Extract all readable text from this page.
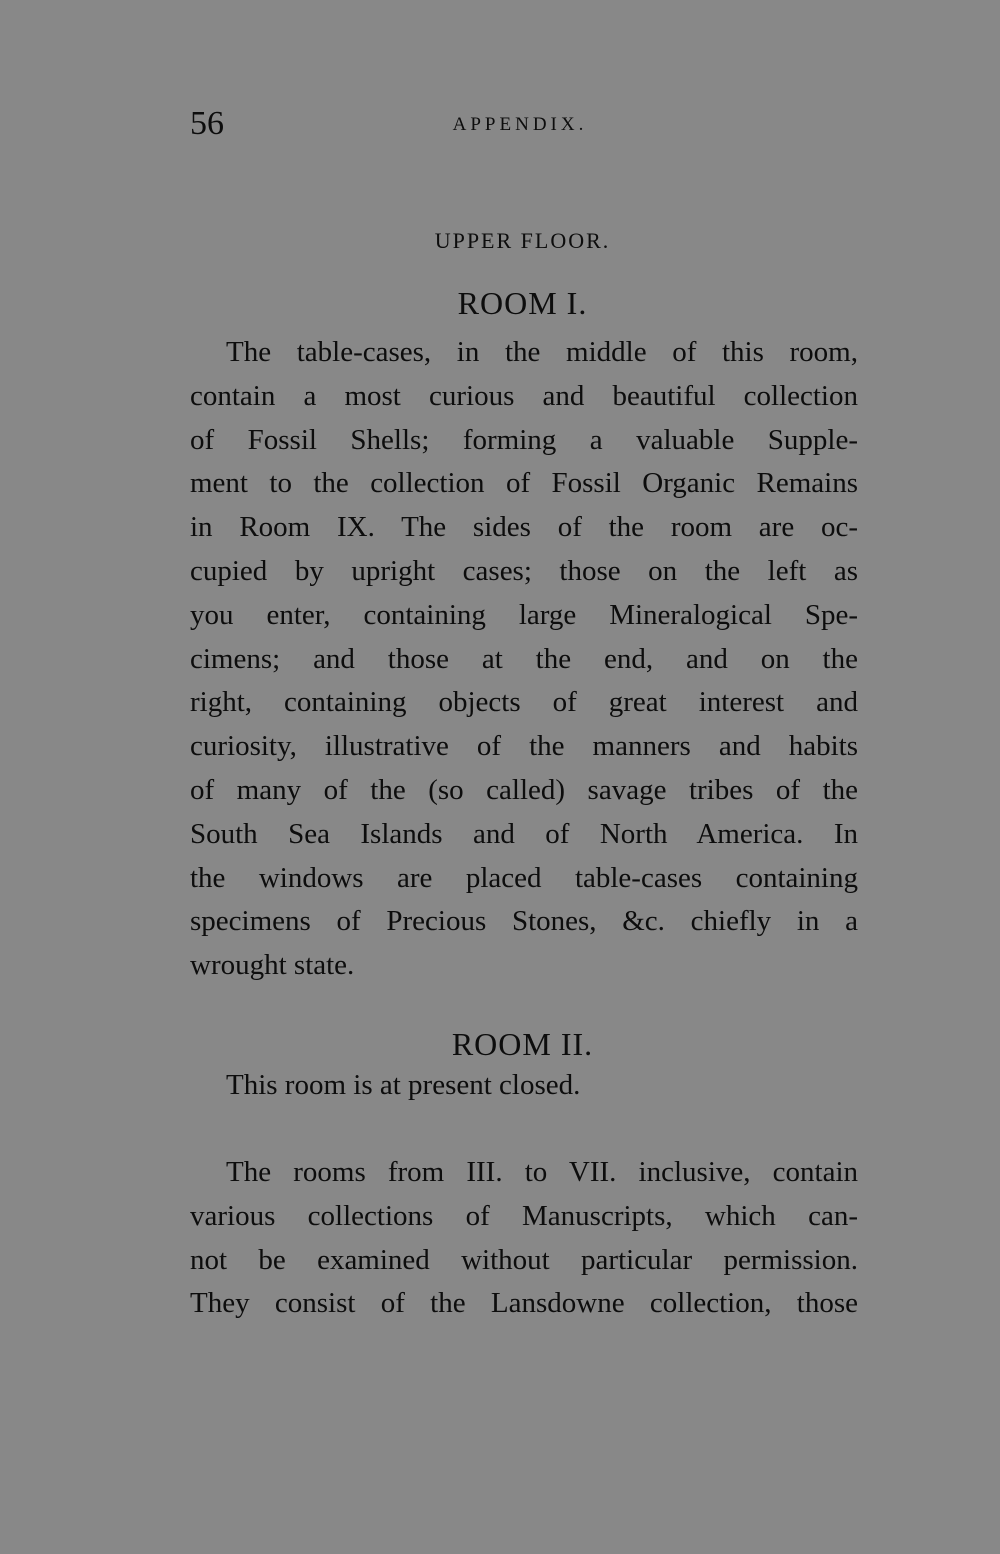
56	APPENDIX.

UPPER FLOOR.
ROOM I.
The table-cases, in the middle of this room,
contain a most curious and beautiful collection
of Fossil Shells; forming a valuable Supple-
ment to the collection of Fossil Organic Remains
in Room IX. The sides of the room are oc-
cupied by upright cases; those on the left as
you enter, containing large Mineralogical Spe-
cimens; and those at the end, and on the
right, containing objects of great interest and
curiosity, illustrative of the manners and habits
of many of the (so called) savage tribes of the
South Sea Islands and of North America. In
the windows are placed table-cases containing
specimens of Precious Stones, &c. chiefly in a
wrought state.
ROOM II.
This room is at present closed.
The rooms from III. to VII. inclusive, contain
various collections of Manuscripts, which can-
not be examined without particular permission.
They consist of the Lansdowne collection, those
